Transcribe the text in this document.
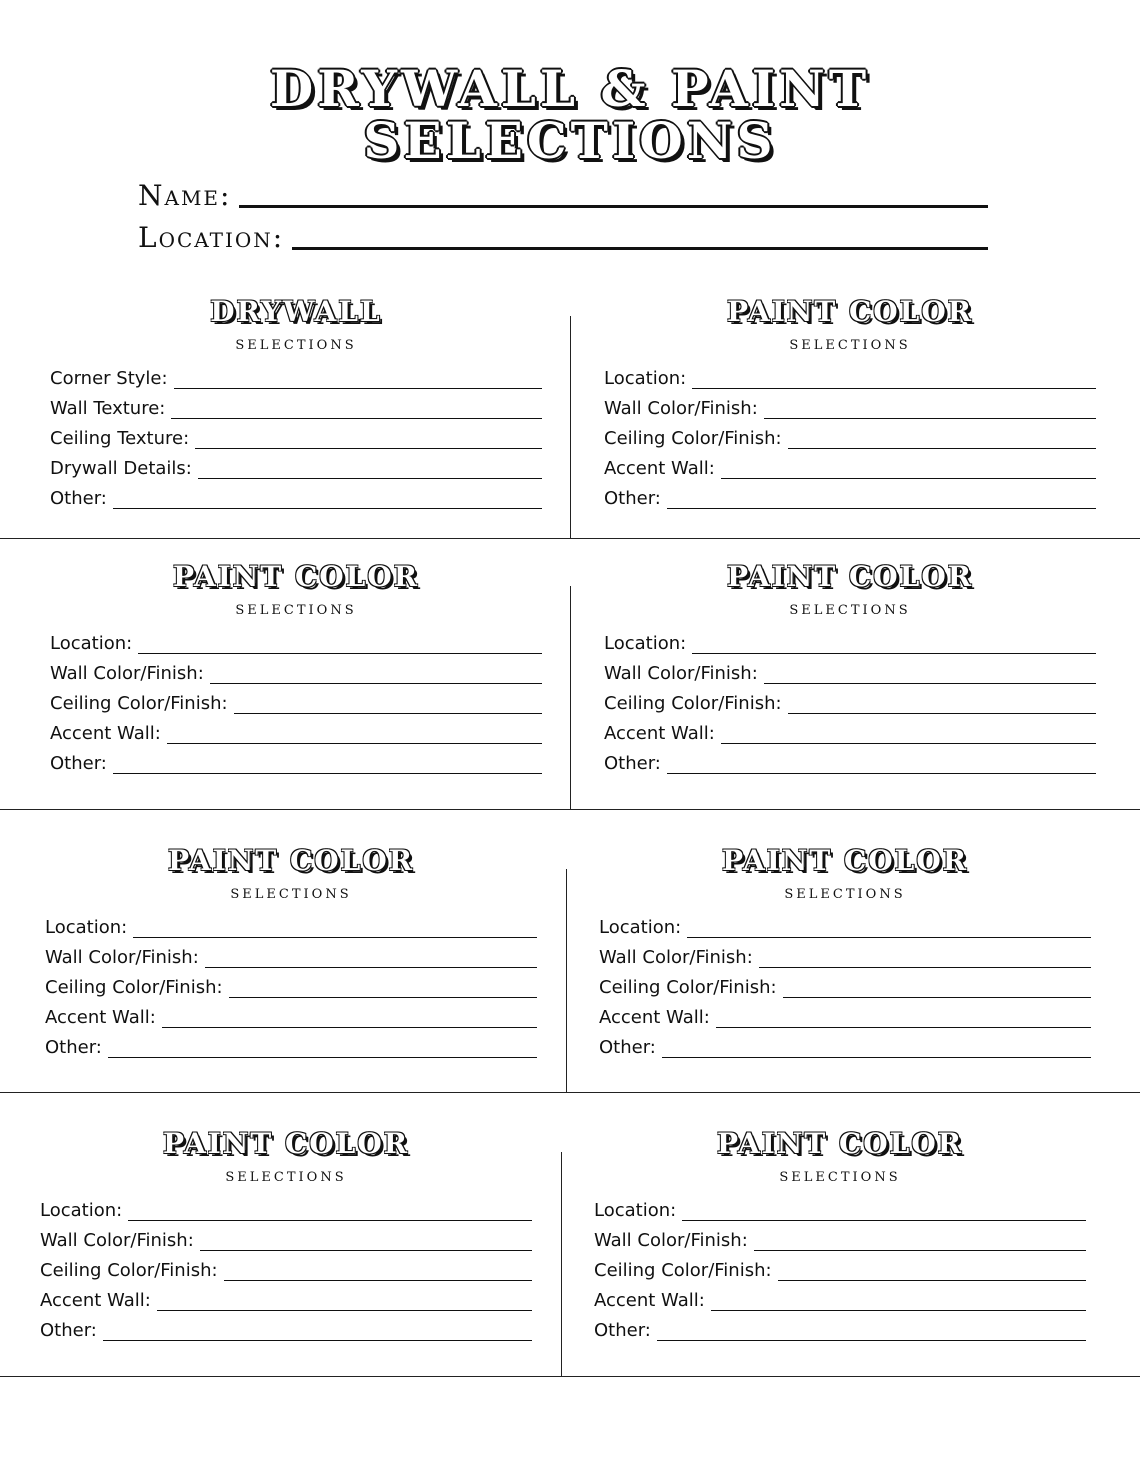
DRYWALL & PAINT
SELECTIONS
Name:
Location:
DRYWALL
SELECTIONS
Corner Style:
Wall Texture:
Ceiling Texture:
Drywall Details:
Other:
PAINT COLOR
SELECTIONS
Location:
Wall Color/Finish:
Ceiling Color/Finish:
Accent Wall:
Other:
PAINT COLOR
SELECTIONS
Location:
Wall Color/Finish:
Ceiling Color/Finish:
Accent Wall:
Other:
PAINT COLOR
SELECTIONS
Location:
Wall Color/Finish:
Ceiling Color/Finish:
Accent Wall:
Other:
PAINT COLOR
SELECTIONS
Location:
Wall Color/Finish:
Ceiling Color/Finish:
Accent Wall:
Other:
PAINT COLOR
SELECTIONS
Location:
Wall Color/Finish:
Ceiling Color/Finish:
Accent Wall:
Other:
PAINT COLOR
SELECTIONS
Location:
Wall Color/Finish:
Ceiling Color/Finish:
Accent Wall:
Other:
PAINT COLOR
SELECTIONS
Location:
Wall Color/Finish:
Ceiling Color/Finish:
Accent Wall:
Other:
